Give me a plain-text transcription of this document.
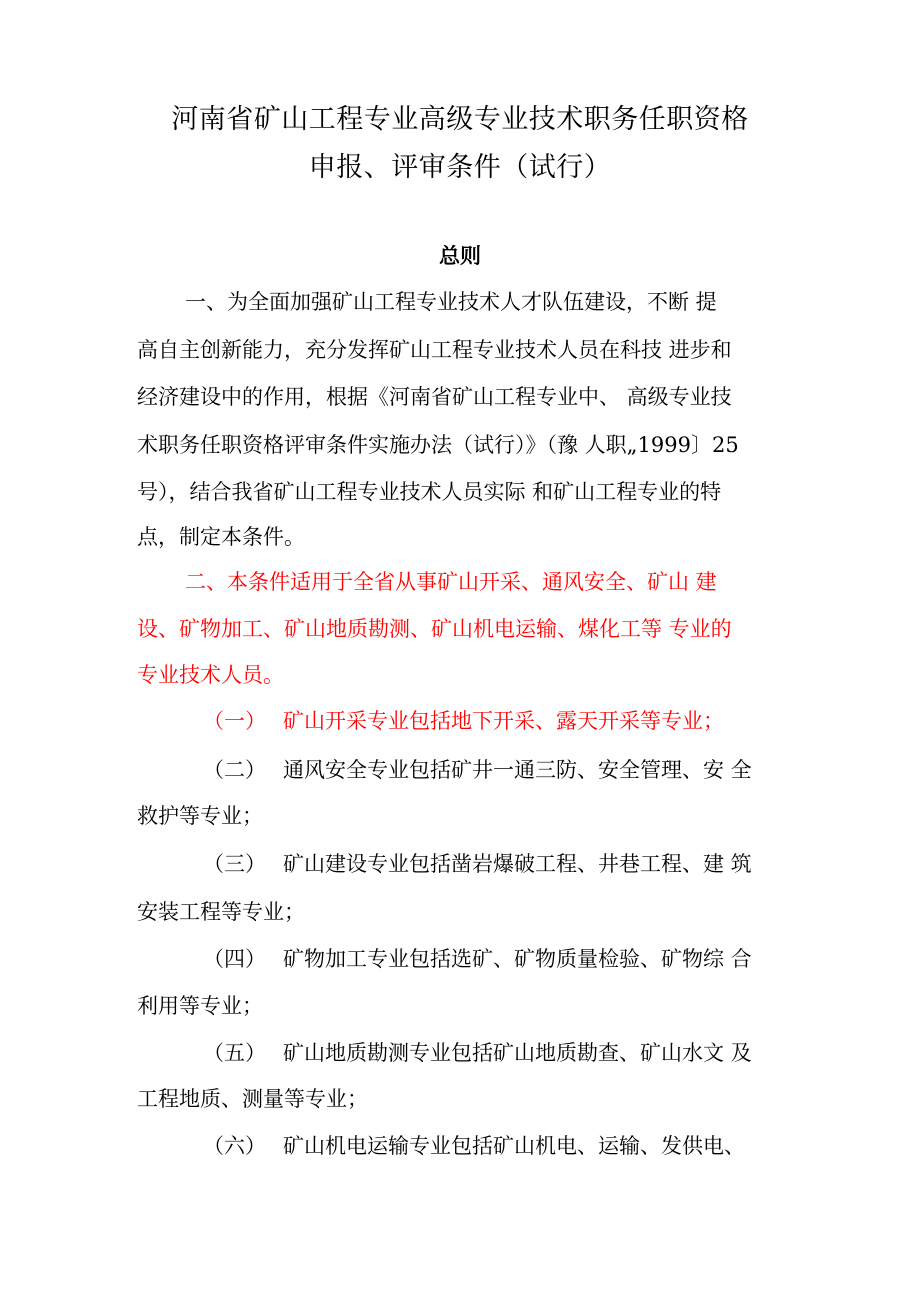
河南省矿山工程专业高级专业技术职务任职资格
申报、评审条件（试行）
总则
一、为全面加强矿山工程专业技术人才队伍建设，不断 提
高自主创新能力，充分发挥矿山工程专业技术人员在科技 进步和
经济建设中的作用，根据《河南省矿山工程专业中、 高级专业技
术职务任职资格评审条件实施办法（试行）》（豫 人职„1999〕25
号），结合我省矿山工程专业技术人员实际 和矿山工程专业的特
点，制定本条件。
二、本条件适用于全省从事矿山开采、通风安全、矿山 建
设、矿物加工、矿山地质勘测、矿山机电运输、煤化工等 专业的
专业技术人员。
（一） 矿山开采专业包括地下开采、露天开采等专业；
（二） 通风安全专业包括矿井一通三防、安全管理、安 全
救护等专业；
（三） 矿山建设专业包括凿岩爆破工程、井巷工程、建 筑
安装工程等专业；
（四） 矿物加工专业包括选矿、矿物质量检验、矿物综 合
利用等专业；
（五） 矿山地质勘测专业包括矿山地质勘查、矿山水文 及
工程地质、测量等专业；
（六） 矿山机电运输专业包括矿山机电、运输、发供电、
